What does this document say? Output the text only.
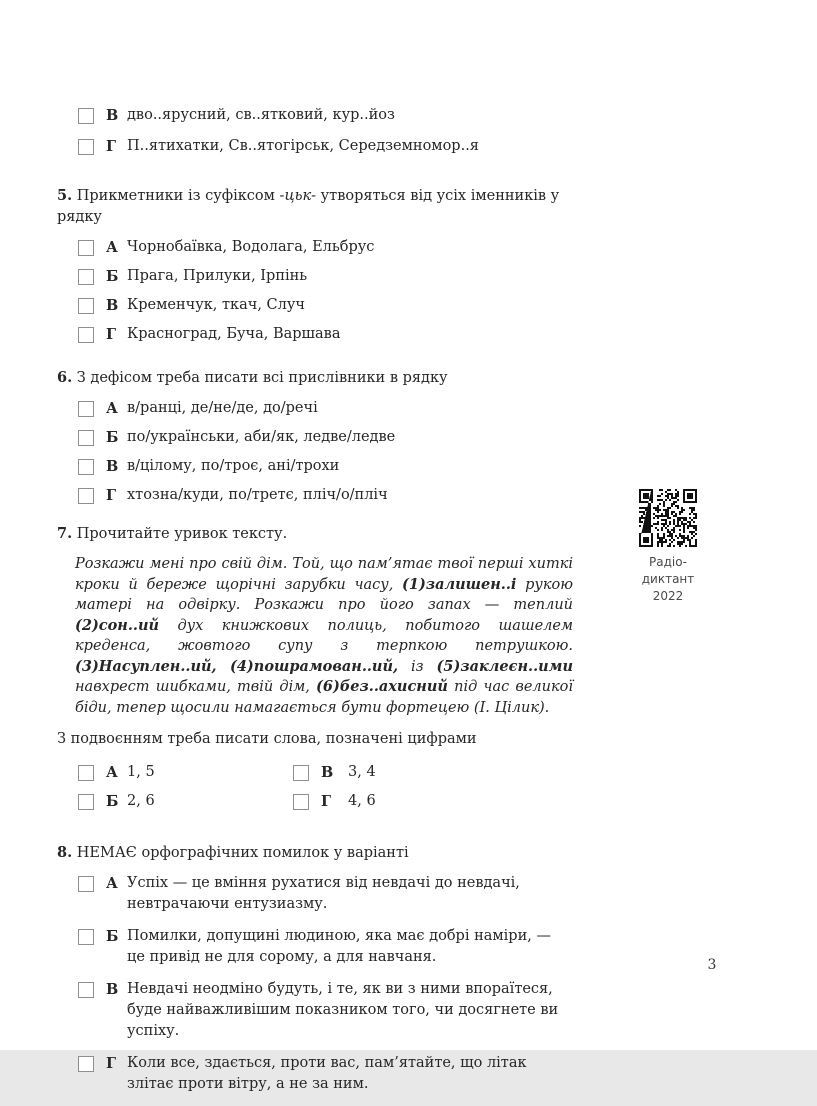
В дво..ярусний, св..ятковий, кур..йоз
Г П..ятихатки, Св..ятогірськ, Середземномор..я

5. Прикметники із суфіксом -цьк- утворяться від усіх іменників у рядку

А Чорнобаївка, Водолага, Ельбрус
Б Прага, Прилуки, Ірпінь
В Кременчук, ткач, Случ
Г Красноград, Буча, Варшава

6. З дефісом треба писати всі прислівники в рядку

А в/ранці, де/не/де, до/речі
Б по/українськи, аби/як, ледве/ледве
В в/цілому, по/троє, ані/трохи
Г хтозна/куди, по/третє, пліч/о/пліч

7. Прочитайте уривок тексту.

Розкажи мені про свій дім. Той, що пам’ятає твої перші хиткі кроки й береже щорічні зарубки часу, (1)залишен..і рукою матері на одвірку. Розкажи про його запах — теплий (2)сон..ий дух книжкових полиць, побитого шашелем креденса, жовтого супу з терпкою петрушкою. (3)Насуплен..ий, (4)пошрамован..ий, із (5)заклеєн..ими навхрест шибками, твій дім, (6)без..ахисний під час великої біди, тепер щосили намагається бути фортецею (І. Цілик).

З подвоєнням треба писати слова, позначені цифрами

А 1, 5	В	3, 4
Б 2, 6	Г	4, 6

8. НЕМАЄ орфографічних помилок у варіанті

А Успіх — це вміння рухатися від невдачі до невдачі, невтрачаючи ентузиазму.
Б Помилки, допущині людиною, яка має добрі наміри, — це привід не для сорому, а для навчаня.
В Невдачі неодміно будуть, і те, як ви з ними впораїтеся, буде найважливішим показником того, чи досягнете ви успіху.
Г Коли все, здається, проти вас, пам’ятайте, що літак злітає проти вітру, а не за ним.
Радіо-
диктант
2022
3
